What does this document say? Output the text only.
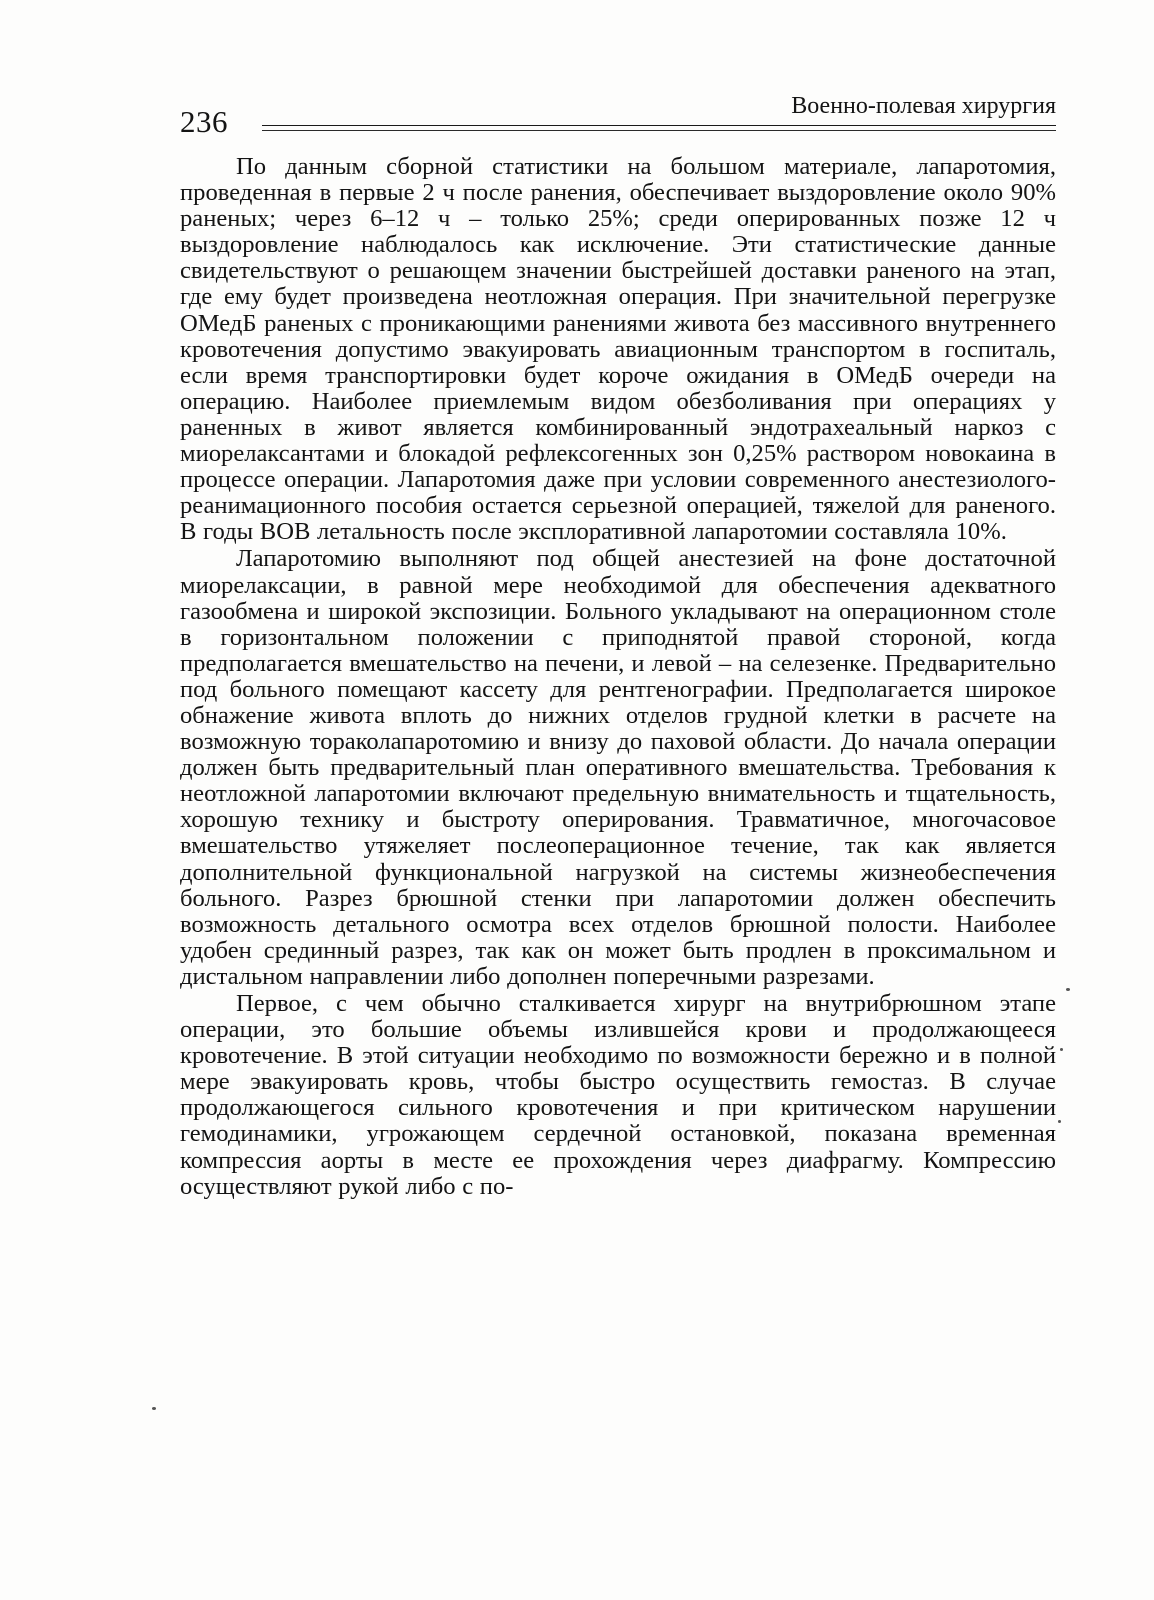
236	Военно-полевая хирургия

По данным сборной статистики на большом материале, лапаротомия, проведенная в первые 2 ч после ранения, обеспечивает выздоровление около 90% раненых; через 6–12 ч – только 25%; среди оперированных позже 12 ч выздоровление наблюдалось как исключение. Эти статистические данные свидетельствуют о решающем значении быстрейшей доставки раненого на этап, где ему будет произведена неотложная операция. При значительной перегрузке ОМедБ раненых с проникающими ранениями живота без массивного внутреннего кровотечения допустимо эвакуировать авиационным транспортом в госпиталь, если время транспортировки будет короче ожидания в ОМедБ очереди на операцию. Наиболее приемлемым видом обезболивания при операциях у раненных в живот является комбинированный эндотрахеальный наркоз с миорелаксантами и блокадой рефлексогенных зон 0,25% раствором новокаина в процессе операции. Лапаротомия даже при условии современного анестезиолого-реанимационного пособия остается серьезной операцией, тяжелой для раненого. В годы ВОВ летальность после эксплоративной лапаротомии составляла 10%.

Лапаротомию выполняют под общей анестезией на фоне достаточной миорелаксации, в равной мере необходимой для обеспечения адекватного газообмена и широкой экспозиции. Больного укладывают на операционном столе в горизонтальном положении с приподнятой правой стороной, когда предполагается вмешательство на печени, и левой – на селезенке. Предварительно под больного помещают кассету для рентгенографии. Предполагается широкое обнажение живота вплоть до нижних отделов грудной клетки в расчете на возможную тораколапаротомию и внизу до паховой области. До начала операции должен быть предварительный план оперативного вмешательства. Требования к неотложной лапаротомии включают предельную внимательность и тщательность, хорошую технику и быстроту оперирования. Травматичное, многочасовое вмешательство утяжеляет послеоперационное течение, так как является дополнительной функциональной нагрузкой на системы жизнеобеспечения больного. Разрез брюшной стенки при лапаротомии должен обеспечить возможность детального осмотра всех отделов брюшной полости. Наиболее удобен срединный разрез, так как он может быть продлен в проксимальном и дистальном направлении либо дополнен поперечными разрезами.

Первое, с чем обычно сталкивается хирург на внутрибрюшном этапе операции, это большие объемы излившейся крови и продолжающееся кровотечение. В этой ситуации необходимо по возможности бережно и в полной мере эвакуировать кровь, чтобы быстро осуществить гемостаз. В случае продолжающегося сильного кровотечения и при критическом нарушении гемодинамики, угрожающем сердечной остановкой, показана временная компрессия аорты в месте ее прохождения через диафрагму. Компрессию осуществляют рукой либо с по-
